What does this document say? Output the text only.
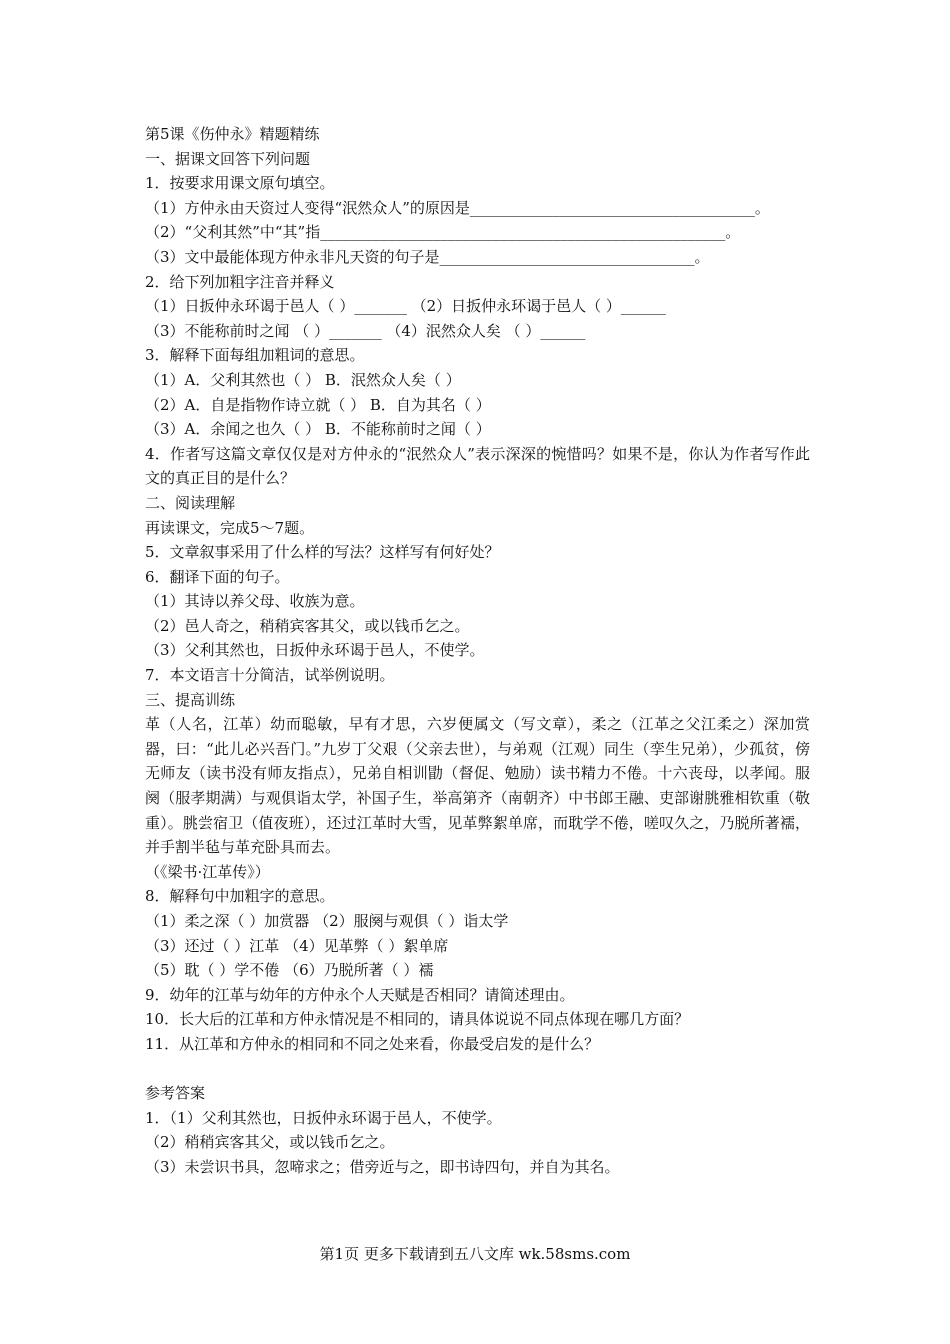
第5课《伤仲永》精题精练
一、据课文回答下列问题
1．按要求用课文原句填空。
（1）方仲永由天资过人变得“泯然众人”的原因是______________________________________。
（2）“父利其然”中“其”指______________________________________________________。
（3）文中最能体现方仲永非凡天资的句子是__________________________________。
2．给下列加粗字注音并释义
（1）日扳仲永环谒于邑人（ ）_______ （2）日扳仲永环谒于邑人（ ）______
（3）不能称前时之闻 （ ）_______ （4）泯然众人矣 （ ）______
3．解释下面每组加粗词的意思。
（1）A．父利其然也（ ） B．泯然众人矣（ ）
（2）A．自是指物作诗立就（ ） B．自为其名（ ）
（3）A．余闻之也久（ ） B．不能称前时之闻（ ）
4．作者写这篇文章仅仅是对方仲永的“泯然众人”表示深深的惋惜吗？如果不是，你认为作者写作此文的真正目的是什么？
二、阅读理解
再读课文，完成5～7题。
5．文章叙事采用了什么样的写法？这样写有何好处？
6．翻译下面的句子。
（1）其诗以养父母、收族为意。
（2）邑人奇之，稍稍宾客其父，或以钱币乞之。
（3）父利其然也，日扳仲永环谒于邑人，不使学。
7．本文语言十分简洁，试举例说明。
三、提高训练
革（人名，江革）幼而聪敏，早有才思，六岁便属文（写文章），柔之（江革之父江柔之）深加赏器，曰：“此儿必兴吾门。”九岁丁父艰（父亲去世），与弟观（江观）同生（孪生兄弟），少孤贫，傍无师友（读书没有师友指点），兄弟自相训勖（督促、勉励）读书精力不倦。十六丧母，以孝闻。服阕（服孝期满）与观俱诣太学，补国子生，举高第齐（南朝齐）中书郎王融、吏部谢朓雅相钦重（敬重）。朓尝宿卫（值夜班），还过江革时大雪，见革弊絮单席，而耽学不倦，嗟叹久之，乃脱所著襦，并手割半毡与革充卧具而去。
（《梁书·江革传》）
8．解释句中加粗字的意思。
（1）柔之深（ ）加赏器 （2）服阕与观俱（ ）诣太学
（3）还过（ ）江革 （4）见革弊（ ）絮单席
（5）耽（ ）学不倦 （6）乃脱所著（ ）襦
9．幼年的江革与幼年的方仲永个人天赋是否相同？请简述理由。
10．长大后的江革和方仲永情况是不相同的，请具体说说不同点体现在哪几方面？
11．从江革和方仲永的相同和不同之处来看，你最受启发的是什么？
参考答案
1．（1）父利其然也，日扳仲永环谒于邑人，不使学。
（2）稍稍宾客其父，或以钱币乞之。
（3）未尝识书具，忽啼求之；借旁近与之，即书诗四句，并自为其名。
第1页 更多下载请到五八文库 wk.58sms.com
